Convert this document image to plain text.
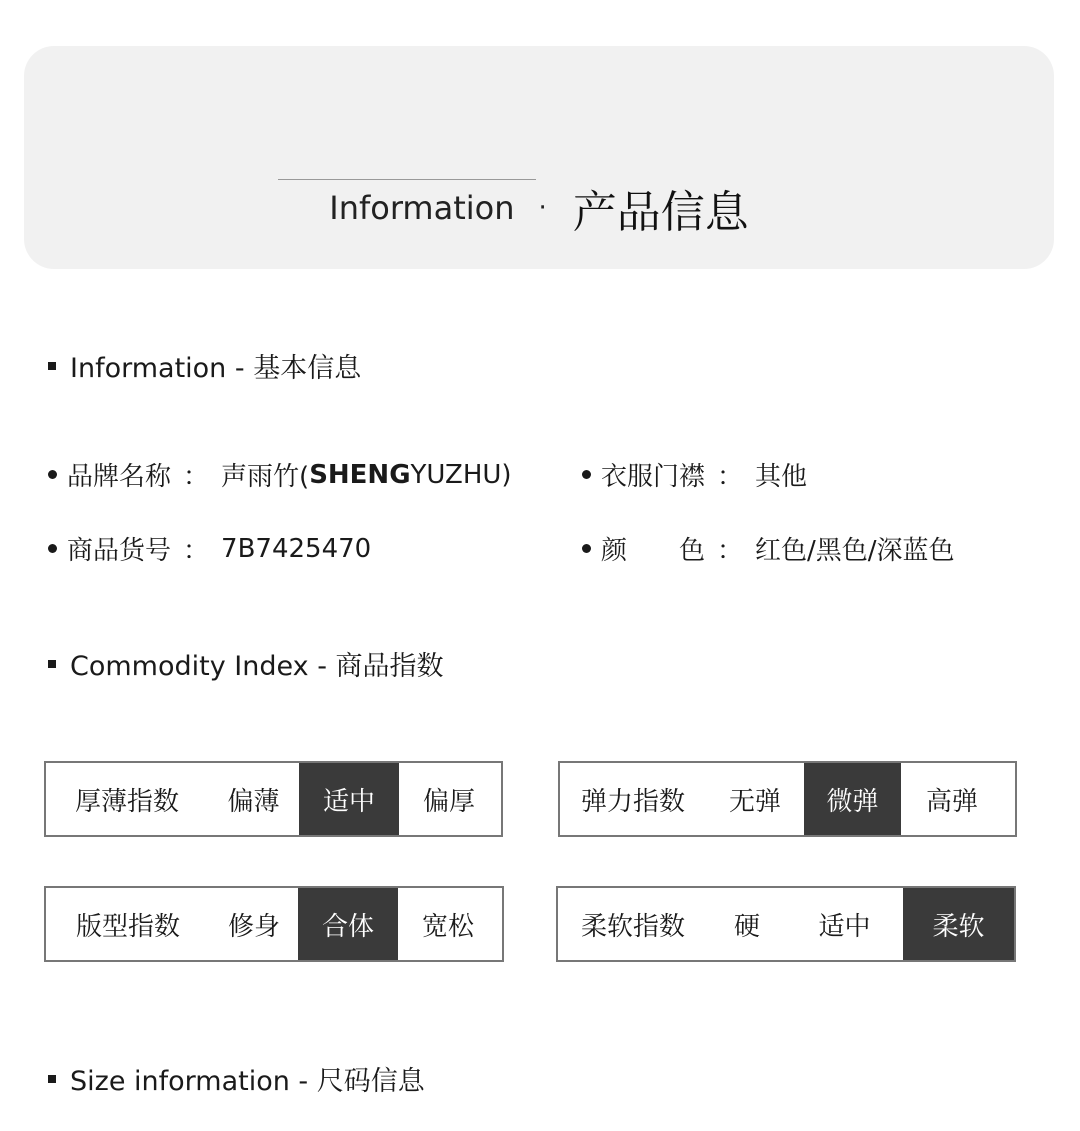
Information · 产品信息
Information - 基本信息
品牌名称 ： 声雨竹( SHENG YUZHU)	衣服门襟 ： 其他
商品货号 ： 7B7425470	颜色 ： 红色/黑色/深蓝色
Commodity Index - 商品指数
厚薄指数	偏薄	适中	偏厚	弹力指数	无弹	微弹	高弹
版型指数	修身	合体	宽松	柔软指数	硬	适中	柔软
Size information - 尺码信息
